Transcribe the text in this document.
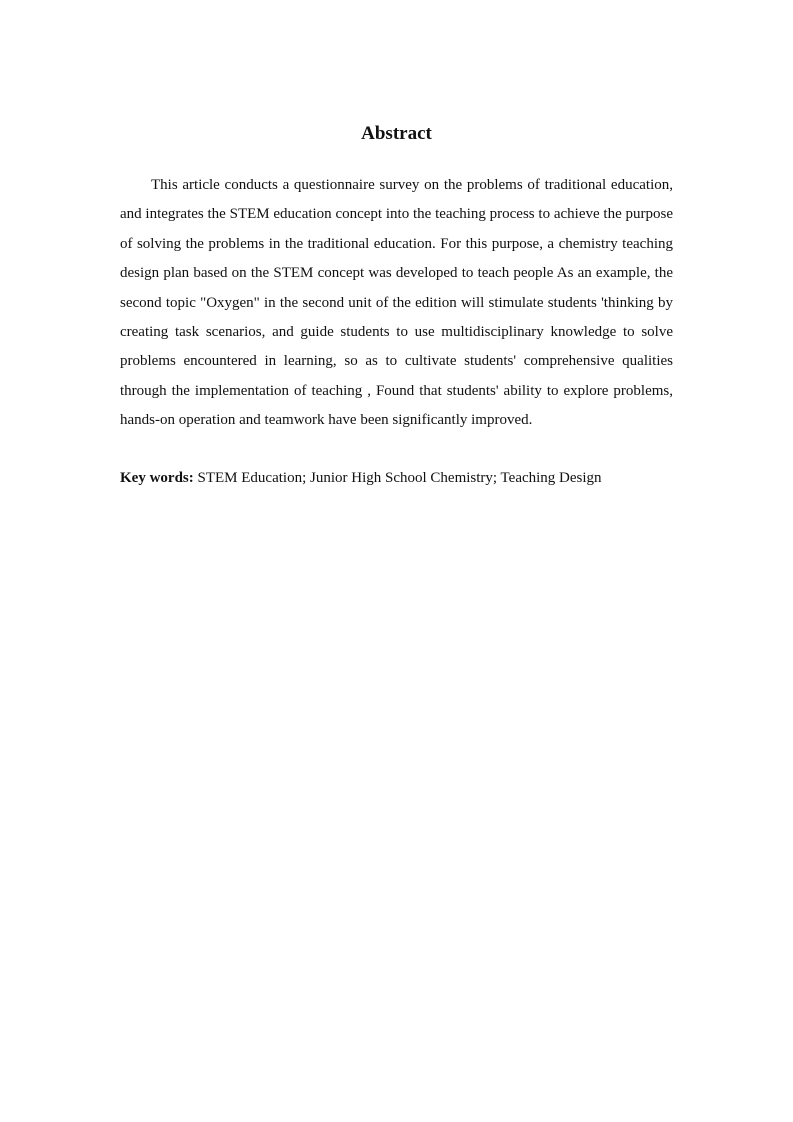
Abstract

This article conducts a questionnaire survey on the problems of traditional education, and integrates the STEM education concept into the teaching process to achieve the purpose of solving the problems in the traditional education. For this purpose, a chemistry teaching design plan based on the STEM concept was developed to teach people As an example, the second topic "Oxygen" in the second unit of the edition will stimulate students 'thinking by creating task scenarios, and guide students to use multidisciplinary knowledge to solve problems encountered in learning, so as to cultivate students' comprehensive qualities through the implementation of teaching , Found that students' ability to explore problems, hands-on operation and teamwork have been significantly improved.

Key words: STEM Education; Junior High School Chemistry; Teaching Design
